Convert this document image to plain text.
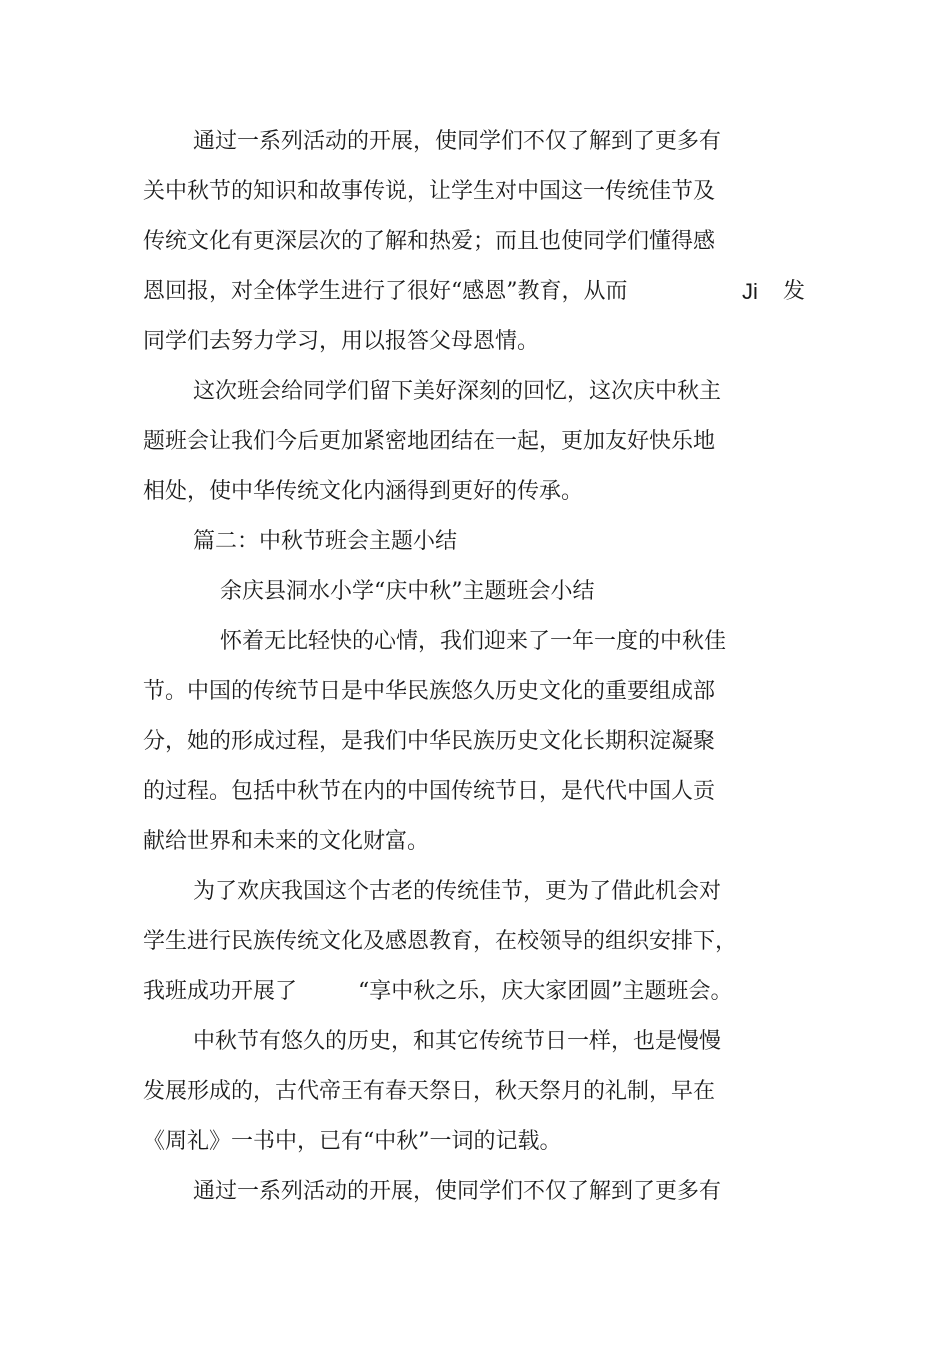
通过一系列活动的开展，使同学们不仅了解到了更多有
关中秋节的知识和故事传说，让学生对中国这一传统佳节及
传统文化有更深层次的了解和热爱；而且也使同学们懂得感
恩回报，对全体学生进行了很好“感恩”教育，从而	Ji 发
同学们去努力学习，用以报答父母恩情。
这次班会给同学们留下美好深刻的回忆，这次庆中秋主
题班会让我们今后更加紧密地团结在一起，更加友好快乐地
相处，使中华传统文化内涵得到更好的传承。
篇二：中秋节班会主题小结
余庆县洞水小学“庆中秋”主题班会小结
怀着无比轻快的心情，我们迎来了一年一度的中秋佳
节。中国的传统节日是中华民族悠久历史文化的重要组成部
分，她的形成过程，是我们中华民族历史文化长期积淀凝聚
的过程。包括中秋节在内的中国传统节日，是代代中国人贡
献给世界和未来的文化财富。
为了欢庆我国这个古老的传统佳节，更为了借此机会对
学生进行民族传统文化及感恩教育，在校领导的组织安排下，
我班成功开展了	“享中秋之乐，庆大家团圆”主题班会。
中秋节有悠久的历史，和其它传统节日一样，也是慢慢
发展形成的，古代帝王有春天祭日，秋天祭月的礼制，早在
《周礼》一书中，已有“中秋”一词的记载。
通过一系列活动的开展，使同学们不仅了解到了更多有
